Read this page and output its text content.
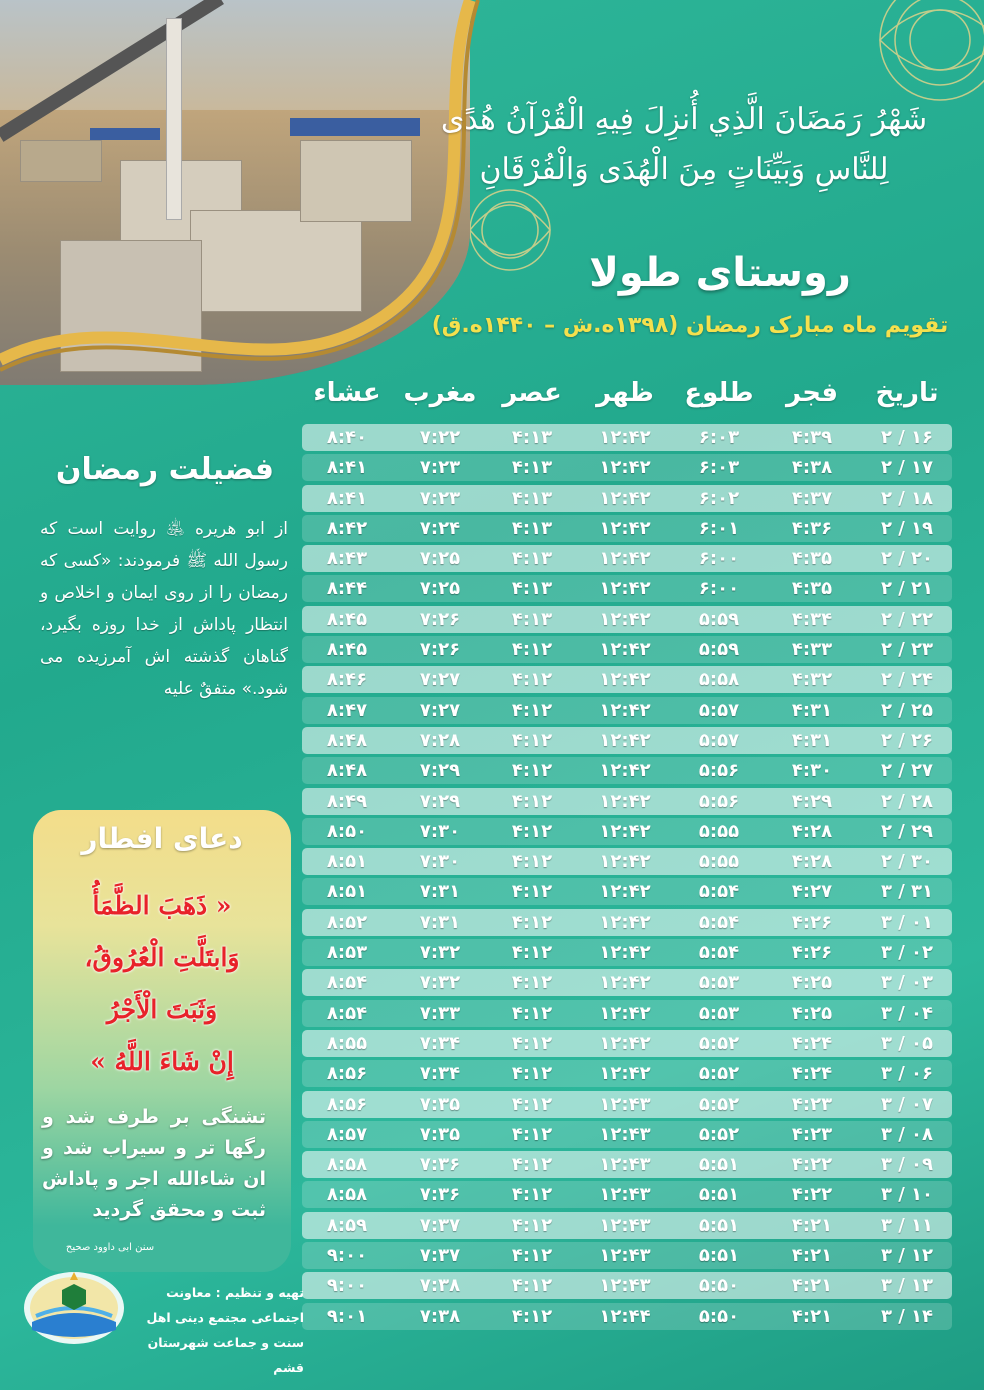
شَهْرُ رَمَضَانَ الَّذِي أُنزِلَ فِيهِ الْقُرْآنُ هُدًى
لِلنَّاسِ وَبَيِّنَاتٍ مِنَ الْهُدَى وَالْفُرْقَانِ
روستای طولا
تقویم ماه مبارک رمضان (۱۳۹۸ه.ش – ۱۴۴۰ه.ق)
تاریخ
فجر
طلوع
ظهر
عصر
مغرب
عشاء
۲ / ۱۶
۴:۳۹
۶:۰۳
۱۲:۴۲
۴:۱۳
۷:۲۲
۸:۴۰
۲ / ۱۷
۴:۳۸
۶:۰۳
۱۲:۴۲
۴:۱۳
۷:۲۳
۸:۴۱
۲ / ۱۸
۴:۳۷
۶:۰۲
۱۲:۴۲
۴:۱۳
۷:۲۳
۸:۴۱
۲ / ۱۹
۴:۳۶
۶:۰۱
۱۲:۴۲
۴:۱۳
۷:۲۴
۸:۴۲
۲ / ۲۰
۴:۳۵
۶:۰۰
۱۲:۴۲
۴:۱۳
۷:۲۵
۸:۴۳
۲ / ۲۱
۴:۳۵
۶:۰۰
۱۲:۴۲
۴:۱۳
۷:۲۵
۸:۴۴
۲ / ۲۲
۴:۳۴
۵:۵۹
۱۲:۴۲
۴:۱۳
۷:۲۶
۸:۴۵
۲ / ۲۳
۴:۳۳
۵:۵۹
۱۲:۴۲
۴:۱۲
۷:۲۶
۸:۴۵
۲ / ۲۴
۴:۳۲
۵:۵۸
۱۲:۴۲
۴:۱۲
۷:۲۷
۸:۴۶
۲ / ۲۵
۴:۳۱
۵:۵۷
۱۲:۴۲
۴:۱۲
۷:۲۷
۸:۴۷
۲ / ۲۶
۴:۳۱
۵:۵۷
۱۲:۴۲
۴:۱۲
۷:۲۸
۸:۴۸
۲ / ۲۷
۴:۳۰
۵:۵۶
۱۲:۴۲
۴:۱۲
۷:۲۹
۸:۴۸
۲ / ۲۸
۴:۲۹
۵:۵۶
۱۲:۴۲
۴:۱۲
۷:۲۹
۸:۴۹
۲ / ۲۹
۴:۲۸
۵:۵۵
۱۲:۴۲
۴:۱۲
۷:۳۰
۸:۵۰
۲ / ۳۰
۴:۲۸
۵:۵۵
۱۲:۴۲
۴:۱۲
۷:۳۰
۸:۵۱
۳ / ۳۱
۴:۲۷
۵:۵۴
۱۲:۴۲
۴:۱۲
۷:۳۱
۸:۵۱
۳ / ۰۱
۴:۲۶
۵:۵۴
۱۲:۴۲
۴:۱۲
۷:۳۱
۸:۵۲
۳ / ۰۲
۴:۲۶
۵:۵۴
۱۲:۴۲
۴:۱۲
۷:۳۲
۸:۵۳
۳ / ۰۳
۴:۲۵
۵:۵۳
۱۲:۴۲
۴:۱۲
۷:۳۲
۸:۵۴
۳ / ۰۴
۴:۲۵
۵:۵۳
۱۲:۴۲
۴:۱۲
۷:۳۳
۸:۵۴
۳ / ۰۵
۴:۲۴
۵:۵۲
۱۲:۴۲
۴:۱۲
۷:۳۴
۸:۵۵
۳ / ۰۶
۴:۲۴
۵:۵۲
۱۲:۴۲
۴:۱۲
۷:۳۴
۸:۵۶
۳ / ۰۷
۴:۲۳
۵:۵۲
۱۲:۴۳
۴:۱۲
۷:۳۵
۸:۵۶
۳ / ۰۸
۴:۲۳
۵:۵۲
۱۲:۴۳
۴:۱۲
۷:۳۵
۸:۵۷
۳ / ۰۹
۴:۲۲
۵:۵۱
۱۲:۴۳
۴:۱۲
۷:۳۶
۸:۵۸
۳ / ۱۰
۴:۲۲
۵:۵۱
۱۲:۴۳
۴:۱۲
۷:۳۶
۸:۵۸
۳ / ۱۱
۴:۲۱
۵:۵۱
۱۲:۴۳
۴:۱۲
۷:۳۷
۸:۵۹
۳ / ۱۲
۴:۲۱
۵:۵۱
۱۲:۴۳
۴:۱۲
۷:۳۷
۹:۰۰
۳ / ۱۳
۴:۲۱
۵:۵۰
۱۲:۴۳
۴:۱۲
۷:۳۸
۹:۰۰
۳ / ۱۴
۴:۲۱
۵:۵۰
۱۲:۴۴
۴:۱۲
۷:۳۸
۹:۰۱
فضیلت رمضان

از ابو هریره ﵁ روایت است که رسول الله ﷺ فرمودند: «کسی که رمضان را از روی ایمان و اخلاص و انتظار پاداش از خدا روزه بگیرد، گناهان گذشته اش آمرزیده می شود.» متفقٌ علیه

دعای افطار
« ذَهَبَ الظَّمَأُ
وَابتَلَّتِ الْعُرُوقُ،
وَثَبَتَ الْأَجْرُ
إِنْ شَاءَ اللَّهُ »
تشنگی بر طرف شد و رگها تر و سیراب شد و ان شاءالله اجر و پاداش ثبت و محقق گردید
سنن ابی داوود صحیح
تهیه و تنظیم : معاونت
اجتماعی مجتمع دینی اهل
سنت و جماعت شهرستان قشم
